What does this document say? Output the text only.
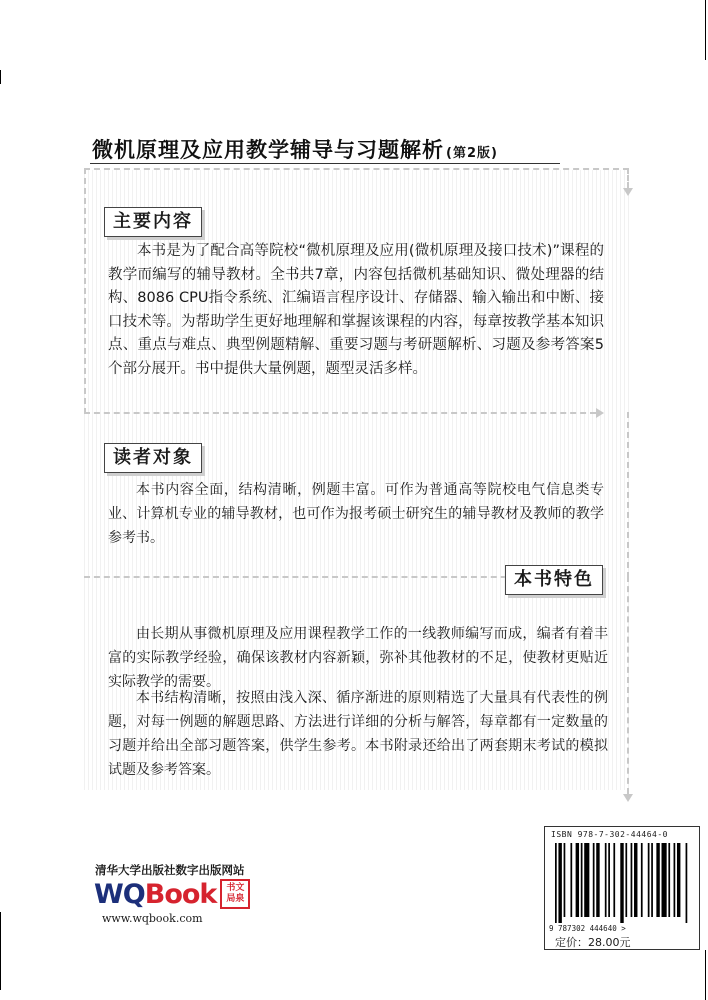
微机原理及应用教学辅导与习题解析 (第2版)
主要内容
读者对象
本书特色
本书是为了配合高等院校“微机原理及应用(微机原理及接口技术)”课程的教学而编写的辅导教材。全书共7章，内容包括微机基础知识、微处理器的结构、8086 CPU指令系统、汇编语言程序设计、存储器、输入输出和中断、接口技术等。为帮助学生更好地理解和掌握该课程的内容，每章按教学基本知识点、重点与难点、典型例题精解、重要习题与考研题解析、习题及参考答案5个部分展开。书中提供大量例题，题型灵活多样。
本书内容全面，结构清晰，例题丰富。可作为普通高等院校电气信息类专业、计算机专业的辅导教材，也可作为报考硕士研究生的辅导教材及教师的教学参考书。
由长期从事微机原理及应用课程教学工作的一线教师编写而成，编者有着丰富的实际教学经验，确保该教材内容新颖，弥补其他教材的不足，使教材更贴近实际教学的需要。
本书结构清晰，按照由浅入深、循序渐进的原则精选了大量具有代表性的例题，对每一例题的解题思路、方法进行详细的分析与解答，每章都有一定数量的习题并给出全部习题答案，供学生参考。本书附录还给出了两套期末考试的模拟试题及参考答案。
清华大学出版社数字出版网站
WQBook	书文局泉
www.wqbook.com
ISBN 978-7-302-44464-0
9 787302 444640 >
定价：28.00元
